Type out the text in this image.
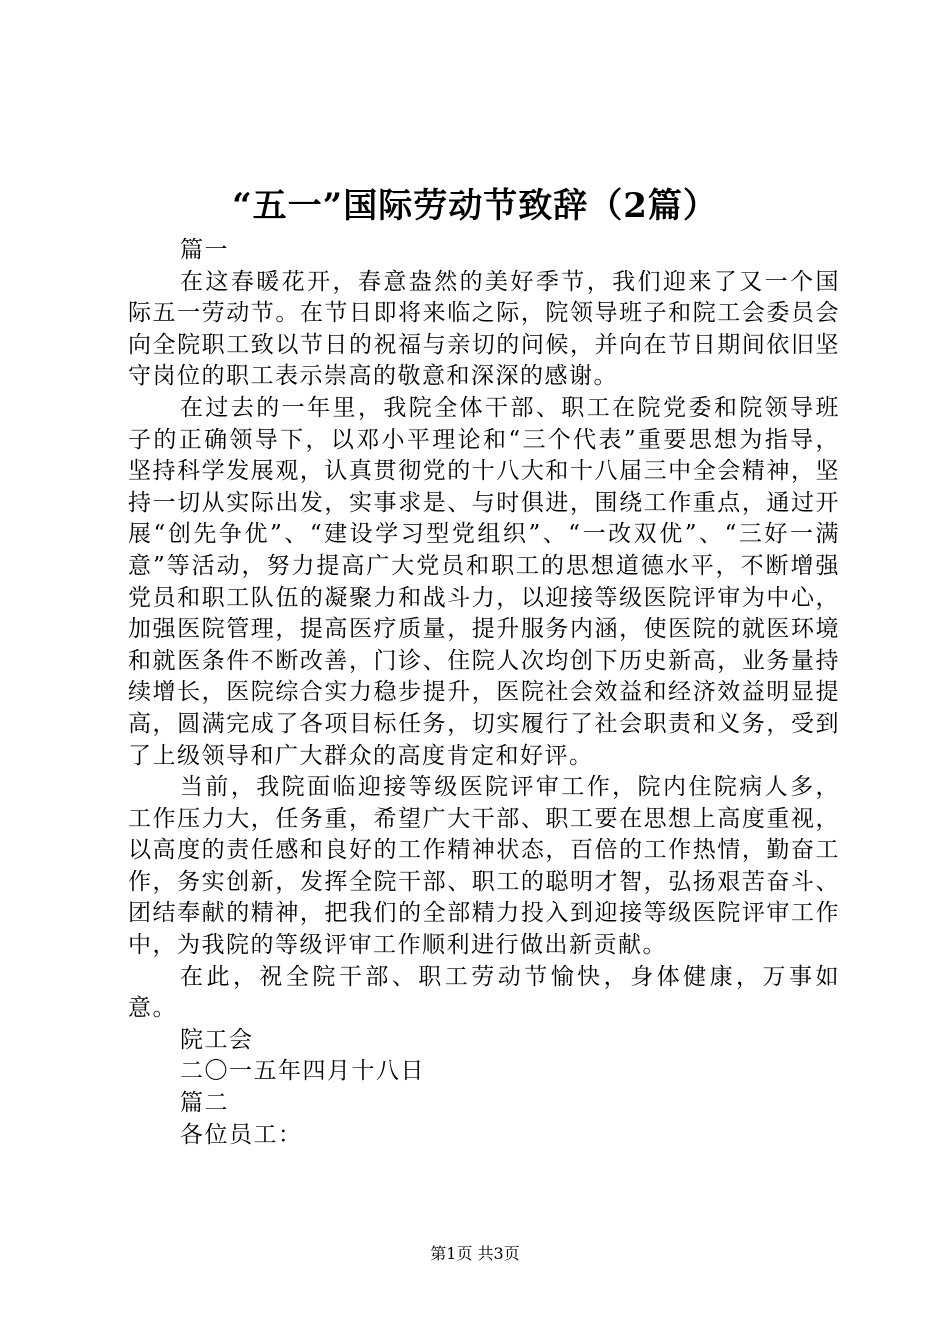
“五一”国际劳动节致辞（2篇）

篇一

在这春暖花开，春意盎然的美好季节，我们迎来了又一个国际五一劳动节。在节日即将来临之际，院领导班子和院工会委员会向全院职工致以节日的祝福与亲切的问候，并向在节日期间依旧坚守岗位的职工表示崇高的敬意和深深的感谢。

在过去的一年里，我院全体干部、职工在院党委和院领导班子的正确领导下，以邓小平理论和“三个代表”重要思想为指导，坚持科学发展观，认真贯彻党的十八大和十八届三中全会精神，坚持一切从实际出发，实事求是、与时俱进，围绕工作重点，通过开展“创先争优”、“建设学习型党组织”、“一改双优”、“三好一满意”等活动，努力提高广大党员和职工的思想道德水平，不断增强党员和职工队伍的凝聚力和战斗力，以迎接等级医院评审为中心，加强医院管理，提高医疗质量，提升服务内涵，使医院的就医环境和就医条件不断改善，门诊、住院人次均创下历史新高，业务量持续增长，医院综合实力稳步提升，医院社会效益和经济效益明显提高，圆满完成了各项目标任务，切实履行了社会职责和义务，受到了上级领导和广大群众的高度肯定和好评。

当前，我院面临迎接等级医院评审工作，院内住院病人多，工作压力大，任务重，希望广大干部、职工要在思想上高度重视，以高度的责任感和良好的工作精神状态，百倍的工作热情，勤奋工作，务实创新，发挥全院干部、职工的聪明才智，弘扬艰苦奋斗、团结奉献的精神，把我们的全部精力投入到迎接等级医院评审工作中，为我院的等级评审工作顺利进行做出新贡献。

在此，祝全院干部、职工劳动节愉快，身体健康，万事如意。

院工会

二〇一五年四月十八日

篇二

各位员工：

第1页 共3页
